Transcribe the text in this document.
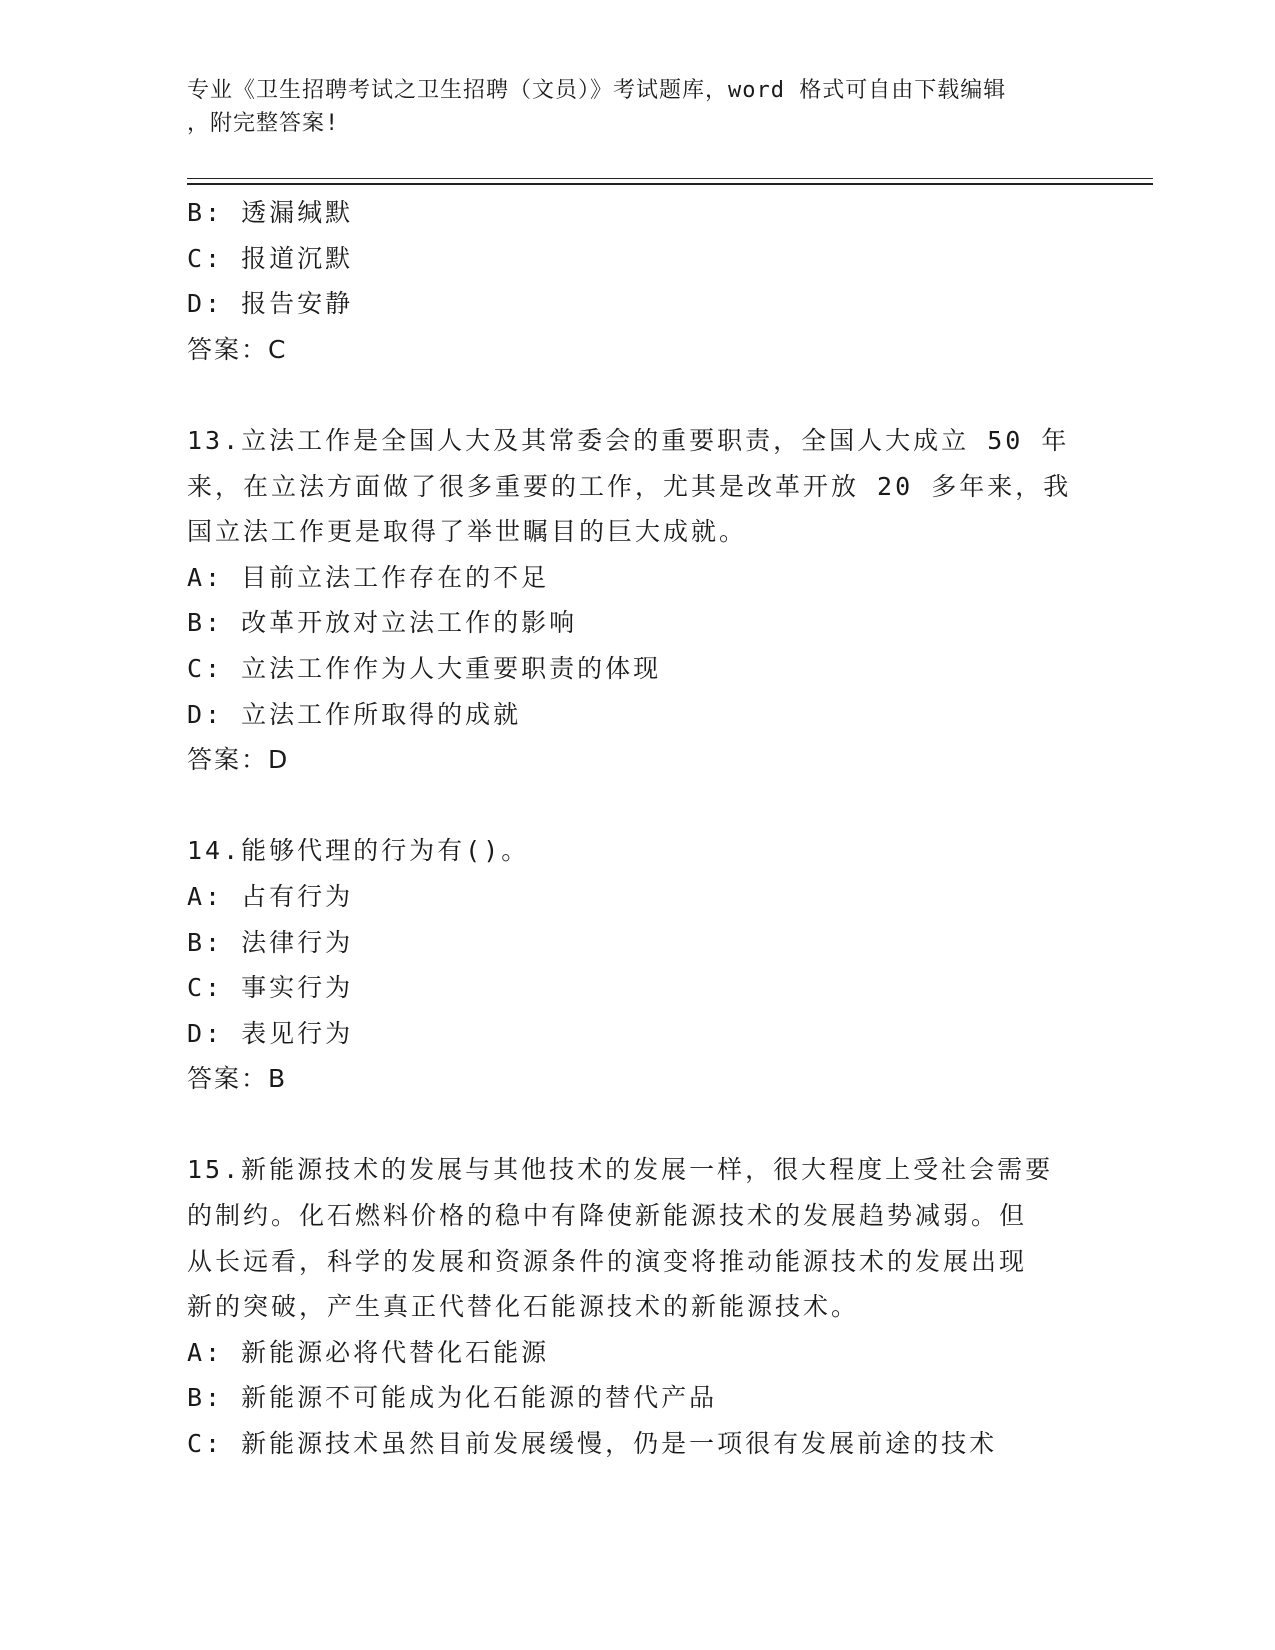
专业《卫生招聘考试之卫生招聘（文员）》考试题库，word 格式可自由下载编辑
，附完整答案!
B: 透漏缄默
C: 报道沉默
D: 报告安静
答案：C
13.立法工作是全国人大及其常委会的重要职责，全国人大成立 50 年
来，在立法方面做了很多重要的工作，尤其是改革开放 20 多年来，我
国立法工作更是取得了举世瞩目的巨大成就。
A: 目前立法工作存在的不足
B: 改革开放对立法工作的影响
C: 立法工作作为人大重要职责的体现
D: 立法工作所取得的成就
答案：D
14.能够代理的行为有()。
A: 占有行为
B: 法律行为
C: 事实行为
D: 表见行为
答案：B
15.新能源技术的发展与其他技术的发展一样，很大程度上受社会需要
的制约。化石燃料价格的稳中有降使新能源技术的发展趋势减弱。但
从长远看，科学的发展和资源条件的演变将推动能源技术的发展出现
新的突破，产生真正代替化石能源技术的新能源技术。
A: 新能源必将代替化石能源
B: 新能源不可能成为化石能源的替代产品
C: 新能源技术虽然目前发展缓慢，仍是一项很有发展前途的技术
